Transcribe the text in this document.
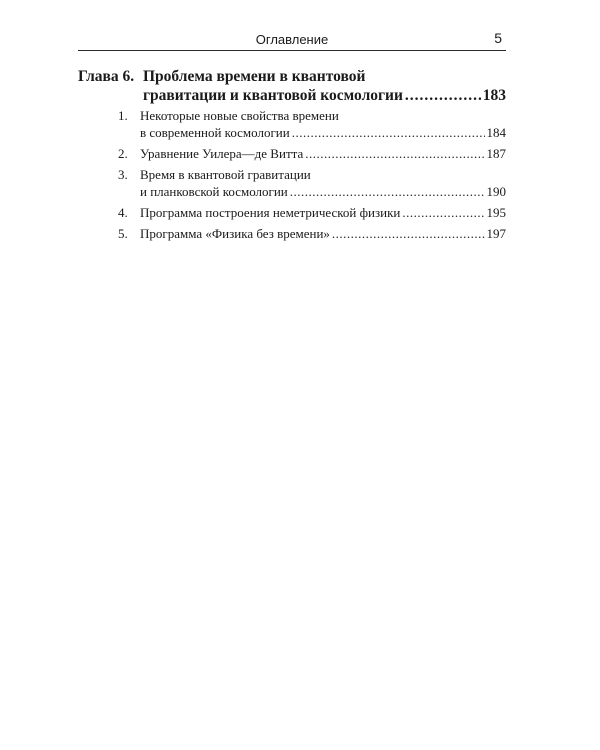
Оглавление	5
Глава 6. Проблема времени в квантовой
гравитации и квантовой космологии .....	183
1. Некоторые новые свойства времени
в современной космологии .....	184
2. Уравнение Уилера—де Витта .....	187
3. Время в квантовой гравитации
и планковской космологии .....	190
4. Программа построения неметрической физики .....	195
5. Программа «Физика без времени» .....	197
